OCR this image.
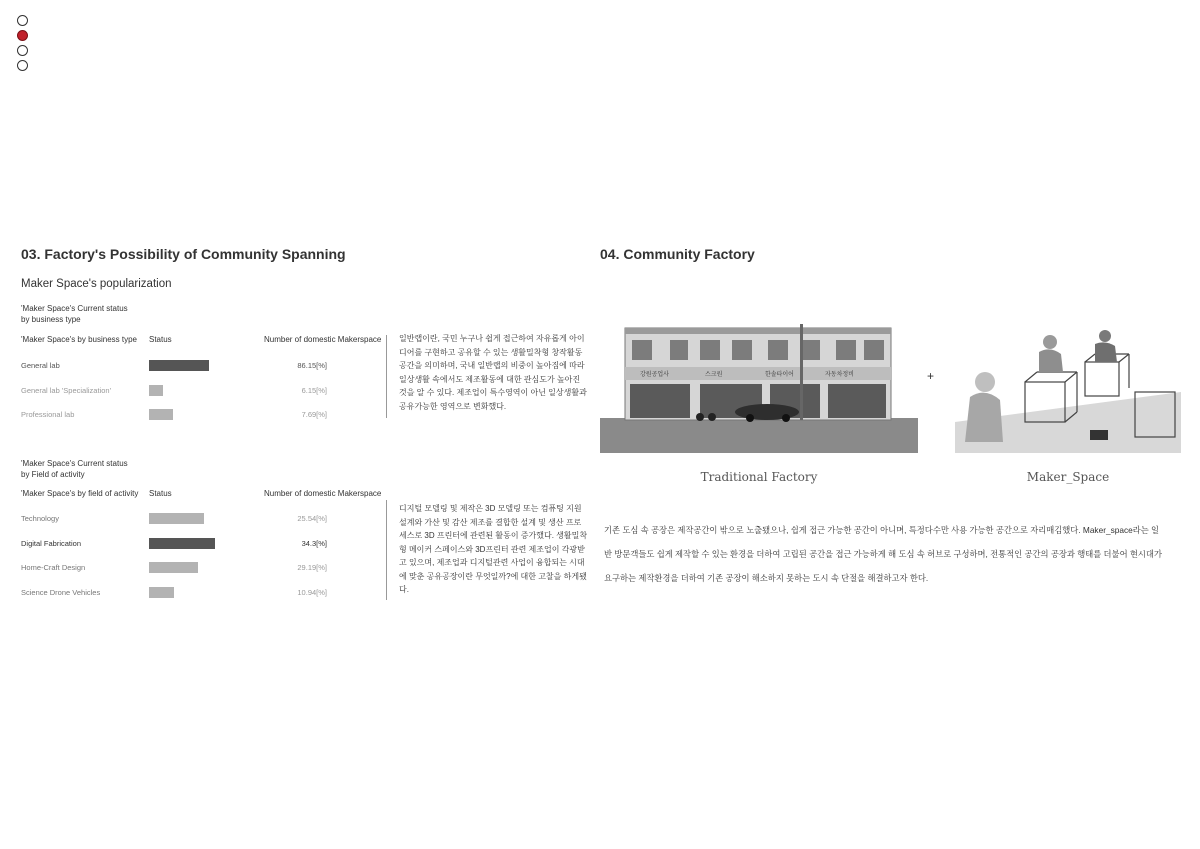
03. Factory's Possibility of Community Spanning
Maker Space's popularization
'Maker Space's Current status
by business type
'Maker Space's by business type Status	Number of domestic Makerspace
General lab	86.15[%]
General lab 'Specialization'	6.15[%]
Professional lab	7.69[%]
일반랩이란, 국민 누구나 쉽게 접근하여 자유롭게 아이디어를 구현하고 공유할 수 있는 생활밀착형 창작활동 공간을 의미하며, 국내 일반랩의 비중이 높아짐에 따라 일상생활 속에서도 제조활동에 대한 관심도가 높아진 것을 알 수 있다. 제조업이 특수영역이 아닌 일상생활과 공유가능한 영역으로 변화했다.
'Maker Space's Current status
by Field of activity
'Maker Space's by field of activity Status	Number of domestic Makerspace
Technology	25.54[%]
Digital Fabrication	34.3[%]
Home-Craft Design	29.19[%]
Science Drone Vehicles	10.94[%]
디지털 모델링 및 제작은 3D 모델링 또는 컴퓨팅 지원 설계와 가산 및 감산 제조를 결합한 설계 및 생산 프로세스로 3D 프린터에 관련된 활동이 증가했다. 생활밀착형 메이커 스페이스와 3D프린터 관련 제조업이 각광받고 있으며, 제조업과 디지털관련 사업이 융합되는 시대에 맞춘 공유공장이란 무엇일까?에 대한 고찰을 하게됐다.
04. Community Factory
강원공업사	스크원	한솔타이어	자동차정비	+
Traditional Factory	Maker_Space
기존 도심 속 공장은 제작공간이 밖으로 노출됐으나, 쉽게 접근 가능한 공간이 아니며, 특정다수만 사용 가능한 공간으로 자리매김했다. Maker_space라는 일
반 방문객들도 쉽게 제작할 수 있는 환경을 더하여 고립된 공간을 접근 가능하게 해 도심 속 허브로 구성하며, 전통적인 공간의 공장과 행태를 더불어 현시대가
요구하는 제작환경을 더하여 기존 공장이 해소하지 못하는 도시 속 단절을 해결하고자 한다.
